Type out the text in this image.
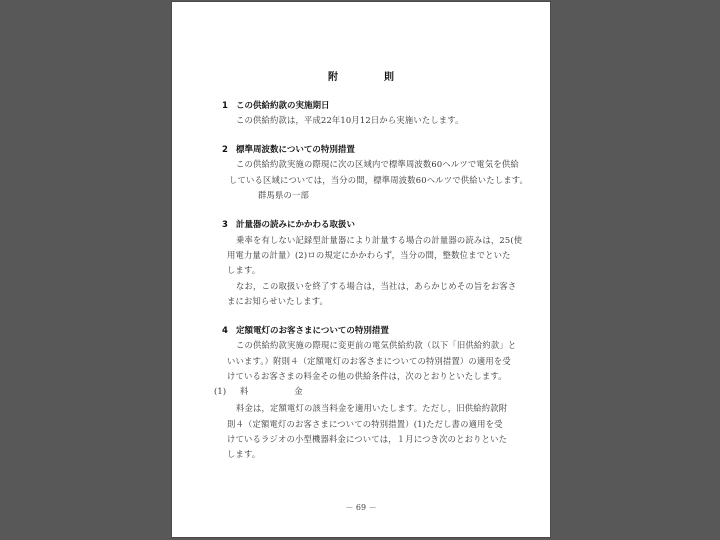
附	則
1 この供給約款の実施期日
この供給約款は，平成22年10月12日から実施いたします。
2 標準周波数についての特別措置
この供給約款実施の際現に次の区域内で標準周波数60ヘルツで電気を供給
している区域については，当分の間，標準周波数60ヘルツで供給いたします。
群馬県の一部
3 計量器の読みにかかわる取扱い
乗率を有しない記録型計量器により計量する場合の計量器の読みは，25(使
用電力量の計量）(2)ロの規定にかかわらず，当分の間，整数位までといた
します。
なお，この取扱いを終了する場合は，当社は，あらかじめその旨をお客さ
まにお知らせいたします。
4 定額電灯のお客さまについての特別措置
この供給約款実施の際現に変更前の電気供給約款（以下「旧供給約款」と
いいます。）附則４（定額電灯のお客さまについての特別措置）の適用を受
けているお客さまの料金その他の供給条件は，次のとおりといたします。
(1) 料	金
料金は，定額電灯の該当料金を適用いたします。ただし，旧供給約款附
則４（定額電灯のお客さまについての特別措置）(1)ただし書の適用を受
けているラジオの小型機器料金については，１月につき次のとおりといた
します。
－ 69 －
